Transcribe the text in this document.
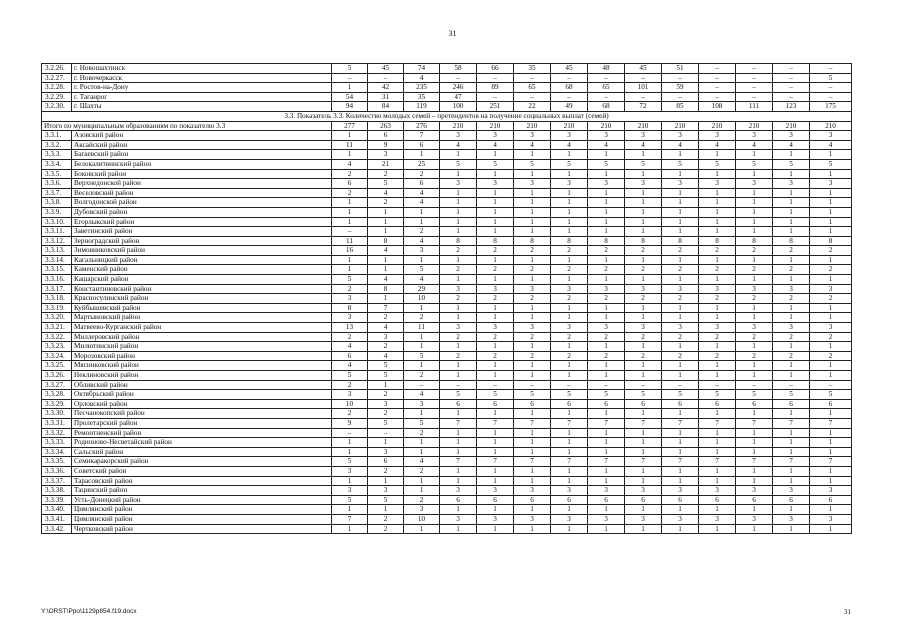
31
3.2.26.	г. Новошахтинск	5	45	74	58	66	35	45	48	45	51	–	–	–	–
3.2.27.	г. Новочеркасск	–	–	4	–	–	–	–	–	–	–	–	–	–	5
3.2.28.	г. Ростов-на-Дону	1	42	235	246	89	65	68	65	101	59	–	–	–	–
3.2.29.	г. Таганрог	54	31	35	47	–	–	–	–	–	–	–	–	–	–
3.2.30.	г. Шахты	94	84	119	100	251	22	49	68	72	85	108	111	123	175
3.3. Показатель 3.3. Количество молодых семей – претендентов на получение социальных выплат (семей)															
Итого по муниципальным образованиям по показателю 3.3		277	263	276	210	210	210	210	210	210	210	210	210	210	210
3.3.1.	Азовский район	1	6	7	3	3	3	3	3	3	3	3	3	3	3
3.3.2.	Аксайский район	11	9	6	4	4	4	4	4	4	4	4	4	4	4
3.3.3.	Багаевский район	1	3	1	1	1	1	1	1	1	1	1	1	1	1
3.3.4.	Белокалитвинский район	4	21	25	5	5	5	5	5	5	5	5	5	5	5
3.3.5.	Боковский район	2	2	2	1	1	1	1	1	1	1	1	1	1	1
3.3.6.	Верхнедонской район	6	5	6	3	3	3	3	3	3	3	3	3	3	3
3.3.7.	Веселовский район	2	4	4	1	1	1	1	1	1	1	1	1	1	1
3.3.8.	Волгодонской район	1	2	4	1	1	1	1	1	1	1	1	1	1	1
3.3.9.	Дубовский район	1	1	1	1	1	1	1	1	1	1	1	1	1	1
3.3.10.	Егорлыкский район	1	1	1	1	1	1	1	1	1	1	1	1	1	1
3.3.11.	Заветинский район	–	1	2	1	1	1	1	1	1	1	1	1	1	1
3.3.12.	Зерноградский район	11	8	4	8	8	8	8	8	8	8	8	8	8	8
3.3.13.	Зимовниковский район	16	4	3	2	2	2	2	2	2	2	2	2	2	2
3.3.14.	Кагальницкий район	1	1	1	1	1	1	1	1	1	1	1	1	1	1
3.3.15.	Каменский район	1	1	5	2	2	2	2	2	2	2	2	2	2	2
3.3.16.	Кашарский район	5	4	4	1	1	1	1	1	1	1	1	1	1	1
3.3.17.	Константиновский район	2	8	29	3	3	3	3	3	3	3	3	3	3	3
3.3.18.	Красносулинский район	3	1	10	2	2	2	2	2	2	2	2	2	2	2
3.3.19.	Куйбышевский район	8	7	1	1	1	1	1	1	1	1	1	1	1	1
3.3.20.	Мартыновский район	3	2	2	1	1	1	1	1	1	1	1	1	1	1
3.3.21.	Матвеево-Курганский район	13	4	11	3	3	3	3	3	3	3	3	3	3	3
3.3.22.	Миллеровский район	2	3	1	2	2	2	2	2	2	2	2	2	2	2
3.3.23.	Милютинский район	4	2	1	1	1	1	1	1	1	1	1	1	1	1
3.3.24.	Морозовский район	6	4	5	2	2	2	2	2	2	2	2	2	2	2
3.3.25.	Мясниковский район	4	5	1	1	1	1	1	1	1	1	1	1	1	1
3.3.26.	Неклиновский район	5	5	2	1	1	1	1	1	1	1	1	1	1	1
3.3.27.	Обливский район	2	1	–	–	–	–	–	–	–	–	–	–	–	–
3.3.28.	Октябрьский район	3	2	4	5	5	5	5	5	5	5	5	5	5	5
3.3.29.	Орловский район	10	3	3	6	6	6	6	6	6	6	6	6	6	6
3.3.30.	Песчанокопский район	2	2	1	1	1	1	1	1	1	1	1	1	1	1
3.3.31.	Пролетарский район	9	5	5	7	7	7	7	7	7	7	7	7	7	7
3.3.32.	Ремонтненский район	–	–	2	1	1	1	1	1	1	1	1	1	1	1
3.3.33.	Родионово-Несветайский район	1	1	1	1	1	1	1	1	1	1	1	1	1	1
3.3.34.	Сальский район	1	3	1	1	1	1	1	1	1	1	1	1	1	1
3.3.35.	Семикаракорский район	5	6	4	7	7	7	7	7	7	7	7	7	7	7
3.3.36.	Советский район	3	2	2	1	1	1	1	1	1	1	1	1	1	1
3.3.37.	Тарасовский район	1	1	1	1	1	1	1	1	1	1	1	1	1	1
3.3.38.	Тацинский район	3	3	1	3	3	3	3	3	3	3	3	3	3	3
3.3.39.	Усть-Донецкий район	5	5	2	6	6	6	6	6	6	6	6	6	6	6
3.3.40.	Цимлянский район	1	1	3	1	1	1	1	1	1	1	1	1	1	1
3.3.41.	Цимлянский район	7	2	10	3	3	3	3	3	3	3	3	3	3	3
3.3.42.	Чертковский район	1	2	1	1	1	1	1	1	1	1	1	1	1	1
Y:\ORST\Ppo\1129p854.f19.docx	31
